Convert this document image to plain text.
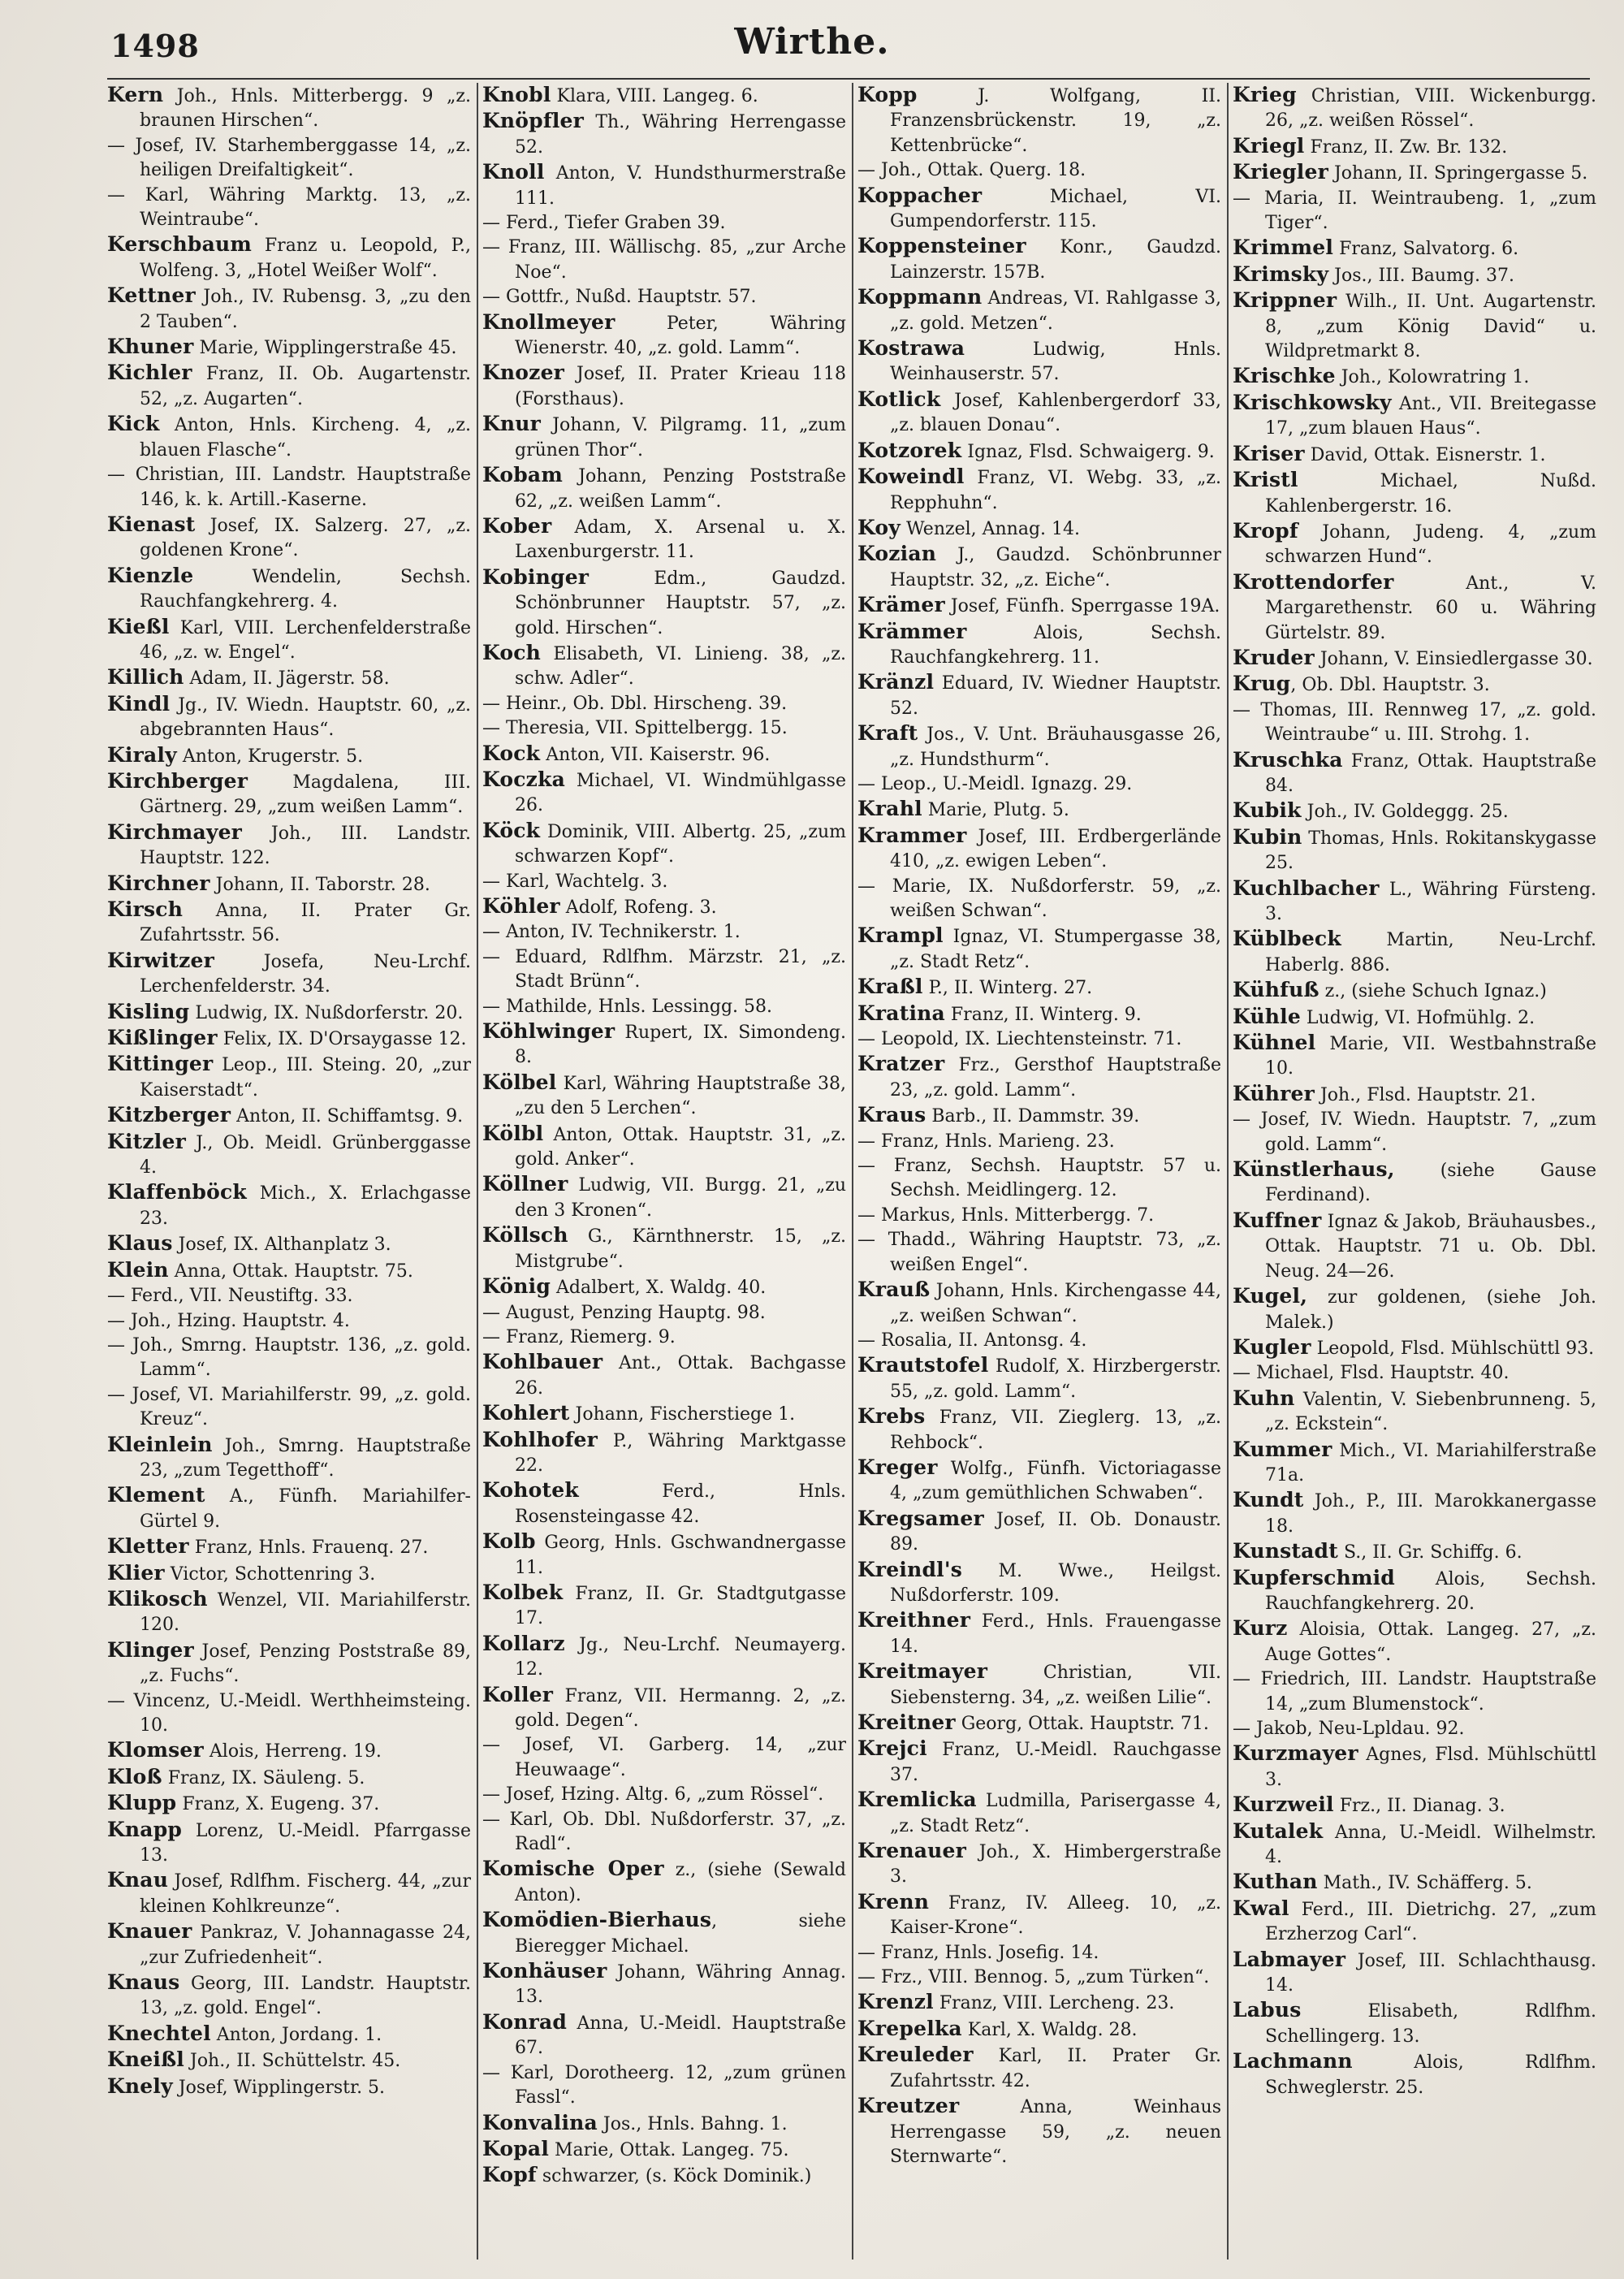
1498	Wirthe.

Kern Joh., Hnls. Mitterbergg. 9 „z. braunen Hirschen“.

— Josef, IV. Starhemberggasse 14, „z. heiligen Dreifaltigkeit“.

— Karl, Währing Marktg. 13, „z. Weintraube“.

Kerschbaum Franz u. Leopold, P., Wolfeng. 3, „Hotel Weißer Wolf“.

Kettner Joh., IV. Rubensg. 3, „zu den 2 Tauben“.

Khuner Marie, Wipplingerstraße 45.

Kichler Franz, II. Ob. Augartenstr. 52, „z. Augarten“.

Kick Anton, Hnls. Kircheng. 4, „z. blauen Flasche“.

— Christian, III. Landstr. Hauptstraße 146, k. k. Artill.-Kaserne.

Kienast Josef, IX. Salzerg. 27, „z. goldenen Krone“.

Kienzle Wendelin, Sechsh. Rauchfangkehrerg. 4.

Kießl Karl, VIII. Lerchenfelderstraße 46, „z. w. Engel“.

Killich Adam, II. Jägerstr. 58.

Kindl Jg., IV. Wiedn. Hauptstr. 60, „z. abgebrannten Haus“.

Kiraly Anton, Krugerstr. 5.

Kirchberger Magdalena, III. Gärtnerg. 29, „zum weißen Lamm“.

Kirchmayer Joh., III. Landstr. Hauptstr. 122.

Kirchner Johann, II. Taborstr. 28.

Kirsch Anna, II. Prater Gr. Zufahrtsstr. 56.

Kirwitzer Josefa, Neu-Lrchf. Lerchenfelderstr. 34.

Kisling Ludwig, IX. Nußdorferstr. 20.

Kißlinger Felix, IX. D'Orsaygasse 12.

Kittinger Leop., III. Steing. 20, „zur Kaiserstadt“.

Kitzberger Anton, II. Schiffamtsg. 9.

Kitzler J., Ob. Meidl. Grünberggasse 4.

Klaffenböck Mich., X. Erlachgasse 23.

Klaus Josef, IX. Althanplatz 3.

Klein Anna, Ottak. Hauptstr. 75.

— Ferd., VII. Neustiftg. 33.

— Joh., Hzing. Hauptstr. 4.

— Joh., Smrng. Hauptstr. 136, „z. gold. Lamm“.

— Josef, VI. Mariahilferstr. 99, „z. gold. Kreuz“.

Kleinlein Joh., Smrng. Hauptstraße 23, „zum Tegetthoff“.

Klement A., Fünfh. Mariahilfer-Gürtel 9.

Kletter Franz, Hnls. Frauenq. 27.

Klier Victor, Schottenring 3.

Klikosch Wenzel, VII. Mariahilferstr. 120.

Klinger Josef, Penzing Poststraße 89, „z. Fuchs“.

— Vincenz, U.-Meidl. Werthheimsteing. 10.

Klomser Alois, Herreng. 19.

Kloß Franz, IX. Säuleng. 5.

Klupp Franz, X. Eugeng. 37.

Knapp Lorenz, U.-Meidl. Pfarrgasse 13.

Knau Josef, Rdlfhm. Fischerg. 44, „zur kleinen Kohlkreunze“.

Knauer Pankraz, V. Johannagasse 24, „zur Zufriedenheit“.

Knaus Georg, III. Landstr. Hauptstr. 13, „z. gold. Engel“.

Knechtel Anton, Jordang. 1.

Kneißl Joh., II. Schüttelstr. 45.

Knely Josef, Wipplingerstr. 5.

Knobl Klara, VIII. Langeg. 6.

Knöpfler Th., Währing Herrengasse 52.

Knoll Anton, V. Hundsthurmerstraße 111.

— Ferd., Tiefer Graben 39.

— Franz, III. Wällischg. 85, „zur Arche Noe“.

— Gottfr., Nußd. Hauptstr. 57.

Knollmeyer Peter, Währing Wienerstr. 40, „z. gold. Lamm“.

Knozer Josef, II. Prater Krieau 118 (Forsthaus).

Knur Johann, V. Pilgramg. 11, „zum grünen Thor“.

Kobam Johann, Penzing Poststraße 62, „z. weißen Lamm“.

Kober Adam, X. Arsenal u. X. Laxenburgerstr. 11.

Kobinger Edm., Gaudzd. Schönbrunner Hauptstr. 57, „z. gold. Hirschen“.

Koch Elisabeth, VI. Linieng. 38, „z. schw. Adler“.

— Heinr., Ob. Dbl. Hirscheng. 39.

— Theresia, VII. Spittelbergg. 15.

Kock Anton, VII. Kaiserstr. 96.

Koczka Michael, VI. Windmühlgasse 26.

Köck Dominik, VIII. Albertg. 25, „zum schwarzen Kopf“.

— Karl, Wachtelg. 3.

Köhler Adolf, Rofeng. 3.

— Anton, IV. Technikerstr. 1.

— Eduard, Rdlfhm. Märzstr. 21, „z. Stadt Brünn“.

— Mathilde, Hnls. Lessingg. 58.

Köhlwinger Rupert, IX. Simondeng. 8.

Kölbel Karl, Währing Hauptstraße 38, „zu den 5 Lerchen“.

Kölbl Anton, Ottak. Hauptstr. 31, „z. gold. Anker“.

Köllner Ludwig, VII. Burgg. 21, „zu den 3 Kronen“.

Köllsch G., Kärnthnerstr. 15, „z. Mistgrube“.

König Adalbert, X. Waldg. 40.

— August, Penzing Hauptg. 98.

— Franz, Riemerg. 9.

Kohlbauer Ant., Ottak. Bachgasse 26.

Kohlert Johann, Fischerstiege 1.

Kohlhofer P., Währing Marktgasse 22.

Kohotek Ferd., Hnls. Rosensteingasse 42.

Kolb Georg, Hnls. Gschwandnergasse 11.

Kolbek Franz, II. Gr. Stadtgutgasse 17.

Kollarz Jg., Neu-Lrchf. Neumayerg. 12.

Koller Franz, VII. Hermanng. 2, „z. gold. Degen“.

— Josef, VI. Garberg. 14, „zur Heuwaage“.

— Josef, Hzing. Altg. 6, „zum Rössel“.

— Karl, Ob. Dbl. Nußdorferstr. 37, „z. Radl“.

Komische Oper z., (siehe (Sewald Anton).

Komödien-Bierhaus, siehe Bieregger Michael.

Konhäuser Johann, Währing Annag. 13.

Konrad Anna, U.-Meidl. Hauptstraße 67.

— Karl, Dorotheerg. 12, „zum grünen Fassl“.

Konvalina Jos., Hnls. Bahng. 1.

Kopal Marie, Ottak. Langeg. 75.

Kopf schwarzer, (s. Köck Dominik.)

Kopp J. Wolfgang, II. Franzensbrückenstr. 19, „z. Kettenbrücke“.

— Joh., Ottak. Querg. 18.

Koppacher Michael, VI. Gumpendorferstr. 115.

Koppensteiner Konr., Gaudzd. Lainzerstr. 157B.

Koppmann Andreas, VI. Rahlgasse 3, „z. gold. Metzen“.

Kostrawa Ludwig, Hnls. Weinhauserstr. 57.

Kotlick Josef, Kahlenbergerdorf 33, „z. blauen Donau“.

Kotzorek Ignaz, Flsd. Schwaigerg. 9.

Koweindl Franz, VI. Webg. 33, „z. Repphuhn“.

Koy Wenzel, Annag. 14.

Kozian J., Gaudzd. Schönbrunner Hauptstr. 32, „z. Eiche“.

Krämer Josef, Fünfh. Sperrgasse 19A.

Krämmer Alois, Sechsh. Rauchfangkehrerg. 11.

Kränzl Eduard, IV. Wiedner Hauptstr. 52.

Kraft Jos., V. Unt. Bräuhausgasse 26, „z. Hundsthurm“.

— Leop., U.-Meidl. Ignazg. 29.

Krahl Marie, Plutg. 5.

Krammer Josef, III. Erdbergerlände 410, „z. ewigen Leben“.

— Marie, IX. Nußdorferstr. 59, „z. weißen Schwan“.

Krampl Ignaz, VI. Stumpergasse 38, „z. Stadt Retz“.

Kraßl P., II. Winterg. 27.

Kratina Franz, II. Winterg. 9.

— Leopold, IX. Liechtensteinstr. 71.

Kratzer Frz., Gersthof Hauptstraße 23, „z. gold. Lamm“.

Kraus Barb., II. Dammstr. 39.

— Franz, Hnls. Marieng. 23.

— Franz, Sechsh. Hauptstr. 57 u. Sechsh. Meidlingerg. 12.

— Markus, Hnls. Mitterbergg. 7.

— Thadd., Währing Hauptstr. 73, „z. weißen Engel“.

Krauß Johann, Hnls. Kirchengasse 44, „z. weißen Schwan“.

— Rosalia, II. Antonsg. 4.

Krautstofel Rudolf, X. Hirzbergerstr. 55, „z. gold. Lamm“.

Krebs Franz, VII. Zieglerg. 13, „z. Rehbock“.

Kreger Wolfg., Fünfh. Victoriagasse 4, „zum gemüthlichen Schwaben“.

Kregsamer Josef, II. Ob. Donaustr. 89.

Kreindl's M. Wwe., Heilgst. Nußdorferstr. 109.

Kreithner Ferd., Hnls. Frauengasse 14.

Kreitmayer Christian, VII. Siebensterng. 34, „z. weißen Lilie“.

Kreitner Georg, Ottak. Hauptstr. 71.

Krejci Franz, U.-Meidl. Rauchgasse 37.

Kremlicka Ludmilla, Parisergasse 4, „z. Stadt Retz“.

Krenauer Joh., X. Himbergerstraße 3.

Krenn Franz, IV. Alleeg. 10, „z. Kaiser-Krone“.

— Franz, Hnls. Josefig. 14.

— Frz., VIII. Bennog. 5, „zum Türken“.

Krenzl Franz, VIII. Lercheng. 23.

Krepelka Karl, X. Waldg. 28.

Kreuleder Karl, II. Prater Gr. Zufahrtsstr. 42.

Kreutzer Anna, Weinhaus Herrengasse 59, „z. neuen Sternwarte“.

Krieg Christian, VIII. Wickenburgg. 26, „z. weißen Rössel“.

Kriegl Franz, II. Zw. Br. 132.

Kriegler Johann, II. Springergasse 5.

— Maria, II. Weintraubeng. 1, „zum Tiger“.

Krimmel Franz, Salvatorg. 6.

Krimsky Jos., III. Baumg. 37.

Krippner Wilh., II. Unt. Augartenstr. 8, „zum König David“ u. Wildpretmarkt 8.

Krischke Joh., Kolowratring 1.

Krischkowsky Ant., VII. Breitegasse 17, „zum blauen Haus“.

Kriser David, Ottak. Eisnerstr. 1.

Kristl Michael, Nußd. Kahlenbergerstr. 16.

Kropf Johann, Judeng. 4, „zum schwarzen Hund“.

Krottendorfer Ant., V. Margarethenstr. 60 u. Währing Gürtelstr. 89.

Kruder Johann, V. Einsiedlergasse 30.

Krug, Ob. Dbl. Hauptstr. 3.

— Thomas, III. Rennweg 17, „z. gold. Weintraube“ u. III. Strohg. 1.

Kruschka Franz, Ottak. Hauptstraße 84.

Kubik Joh., IV. Goldeggg. 25.

Kubin Thomas, Hnls. Rokitanskygasse 25.

Kuchlbacher L., Währing Fürsteng. 3.

Küblbeck Martin, Neu-Lrchf. Haberlg. 886.

Kühfuß z., (siehe Schuch Ignaz.)

Kühle Ludwig, VI. Hofmühlg. 2.

Kühnel Marie, VII. Westbahnstraße 10.

Kührer Joh., Flsd. Hauptstr. 21.

— Josef, IV. Wiedn. Hauptstr. 7, „zum gold. Lamm“.

Künstlerhaus, (siehe Gause Ferdinand).

Kuffner Ignaz & Jakob, Bräuhausbes., Ottak. Hauptstr. 71 u. Ob. Dbl. Neug. 24—26.

Kugel, zur goldenen, (siehe Joh. Malek.)

Kugler Leopold, Flsd. Mühlschüttl 93.

— Michael, Flsd. Hauptstr. 40.

Kuhn Valentin, V. Siebenbrunneng. 5, „z. Eckstein“.

Kummer Mich., VI. Mariahilferstraße 71a.

Kundt Joh., P., III. Marokkanergasse 18.

Kunstadt S., II. Gr. Schiffg. 6.

Kupferschmid Alois, Sechsh. Rauchfangkehrerg. 20.

Kurz Aloisia, Ottak. Langeg. 27, „z. Auge Gottes“.

— Friedrich, III. Landstr. Hauptstraße 14, „zum Blumenstock“.

— Jakob, Neu-Lpldau. 92.

Kurzmayer Agnes, Flsd. Mühlschüttl 3.

Kurzweil Frz., II. Dianag. 3.

Kutalek Anna, U.-Meidl. Wilhelmstr. 4.

Kuthan Math., IV. Schäfferg. 5.

Kwal Ferd., III. Dietrichg. 27, „zum Erzherzog Carl“.

Labmayer Josef, III. Schlachthausg. 14.

Labus Elisabeth, Rdlfhm. Schellingerg. 13.

Lachmann Alois, Rdlfhm. Schweglerstr. 25.
